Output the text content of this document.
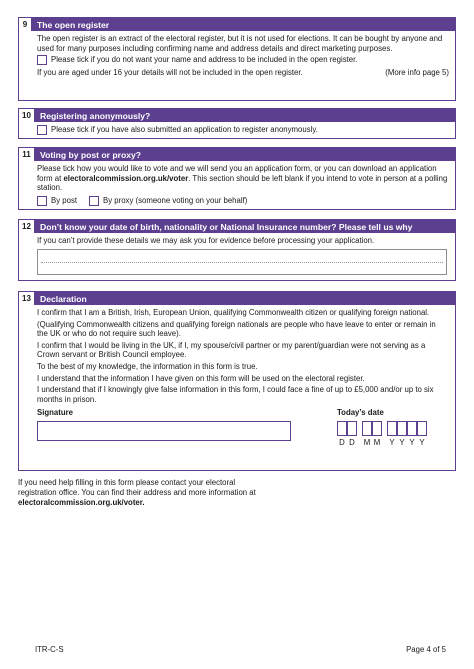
9	The open register

The open register is an extract of the electoral register, but it is not used for elections. It can be bought by anyone and used for many purposes including confirming name and address details and direct marketing purposes.

Please tick if you do not want your name and address to be included in the open register.
If you are aged under 16 your details will not be included in the open register.	(More info page 5)
10	Registering anonymously?
Please tick if you have also submitted an application to register anonymously.
11	Voting by post or proxy?

Please tick how you would like to vote and we will send you an application form, or you can download an application form at electoralcommission.org.uk/voter. This section should be left blank if you intend to vote in person at a polling station.

By post	By proxy (someone voting on your behalf)
12	Don’t know your date of birth, nationality or National Insurance number? Please tell us why

If you can’t provide these details we may ask you for evidence before processing your application.

13	Declaration

I confirm that I am a British, Irish, European Union, qualifying Commonwealth citizen or qualifying foreign national.

(Qualifying Commonwealth citizens and qualifying foreign nationals are people who have leave to enter or remain in the UK or who do not require such leave).

I confirm that I would be living in the UK, if I, my spouse/civil partner or my parent/guardian were not serving as a Crown servant or British Council employee.

To the best of my knowledge, the information in this form is true.

I understand that the information I have given on this form will be used on the electoral register.

I understand that if I knowingly give false information in this form, I could face a fine of up to £5,000 and/or up to six months in prison.

Signature	Today’s date
D D M M	Y Y Y Y
If you need help filling in this form please contact your electoral registration office. You can find their address and more information at electoralcommission.org.uk/voter.
ITR-C-S	Page 4 of 5
